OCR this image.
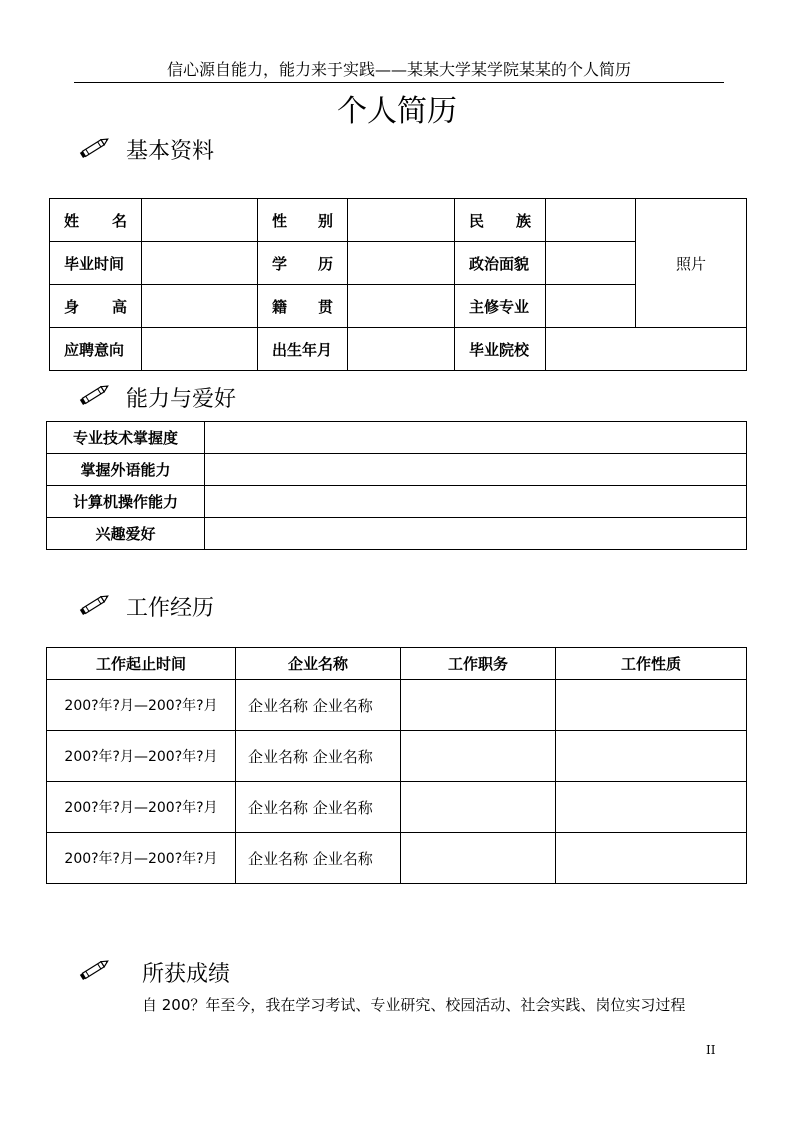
信心源自能力，能力来于实践——某某大学某学院某某的个人简历
个人简历
基本资料
姓　　名		性　　别		民　　族		照片
毕业时间		学　　历		政治面貌		
身　　高		籍　　贯		主修专业		
应聘意向		出生年月		毕业院校		
能力与爱好
专业技术掌握度	
掌握外语能力	
计算机操作能力	
兴趣爱好	
工作经历
工作起止时间	企业名称	工作职务	工作性质
200?年?月—200?年?月	企业名称 企业名称		
200?年?月—200?年?月	企业名称 企业名称		
200?年?月—200?年?月	企业名称 企业名称		
200?年?月—200?年?月	企业名称 企业名称		
所获成绩
自 200？年至今，我在学习考试、专业研究、校园活动、社会实践、岗位实习过程
II
